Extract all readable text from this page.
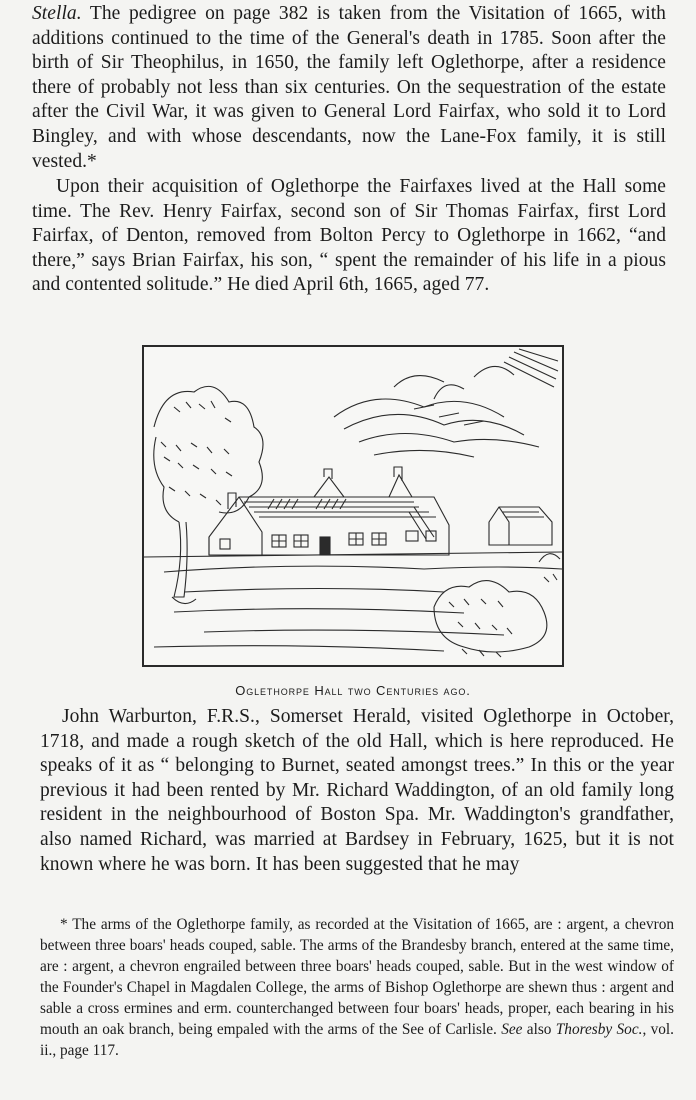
Stella. The pedigree on page 382 is taken from the Visitation of 1665, with additions continued to the time of the General's death in 1785. Soon after the birth of Sir Theophilus, in 1650, the family left Oglethorpe, after a residence there of probably not less than six centuries. On the sequestration of the estate after the Civil War, it was given to General Lord Fairfax, who sold it to Lord Bingley, and with whose descendants, now the Lane-Fox family, it is still vested.*

Upon their acquisition of Oglethorpe the Fairfaxes lived at the Hall some time. The Rev. Henry Fairfax, second son of Sir Thomas Fairfax, first Lord Fairfax, of Denton, removed from Bolton Percy to Oglethorpe in 1662, “and there,” says Brian Fairfax, his son, “ spent the remainder of his life in a pious and contented solitude.” He died April 6th, 1665, aged 77.

Oglethorpe Hall two Centuries ago.

John Warburton, F.R.S., Somerset Herald, visited Oglethorpe in October, 1718, and made a rough sketch of the old Hall, which is here reproduced. He speaks of it as “ belonging to Burnet, seated amongst trees.” In this or the year previous it had been rented by Mr. Richard Waddington, of an old family long resident in the neighbourhood of Boston Spa. Mr. Waddington's grandfather, also named Richard, was married at Bardsey in February, 1625, but it is not known where he was born. It has been suggested that he may

* The arms of the Oglethorpe family, as recorded at the Visitation of 1665, are : argent, a chevron between three boars' heads couped, sable. The arms of the Brandesby branch, entered at the same time, are : argent, a chevron engrailed between three boars' heads couped, sable. But in the west window of the Founder's Chapel in Magdalen College, the arms of Bishop Oglethorpe are shewn thus : argent and sable a cross ermines and erm. counterchanged between four boars' heads, proper, each bearing in his mouth an oak branch, being empaled with the arms of the See of Carlisle. See also Thoresby Soc., vol. ii., page 117.
